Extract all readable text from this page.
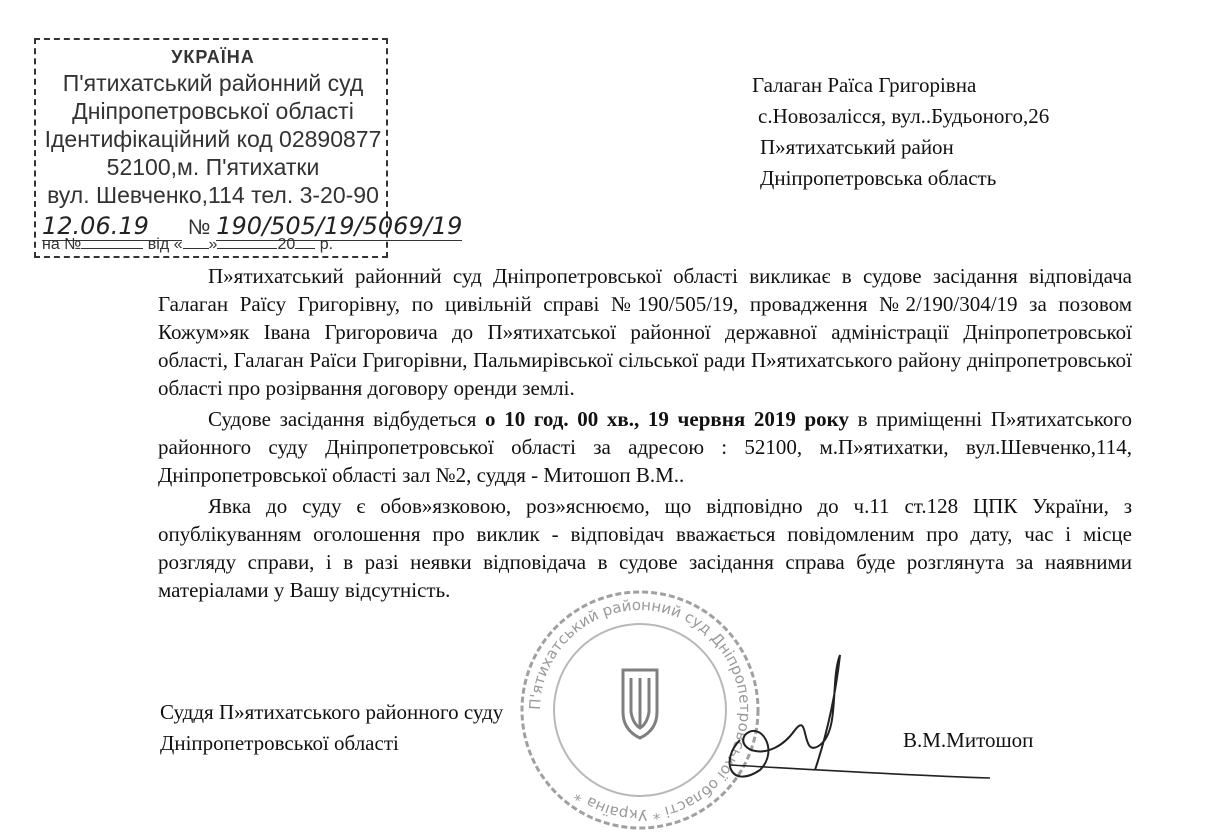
УКРАЇНА
П'ятихатський районний суд
Дніпропетровської області
Ідентифікаційний код 02890877
52100,м. П'ятихатки
вул. Шевченко,114 тел. 3-20-90
12.06.19 № 190/505/19/5069/19
на №	від « »	20 р.
Галаган Раїса Григорівна
с.Новозалісся, вул..Будьоного,26
П»ятихатський район
Дніпропетровська область

П»ятихатський районний суд Дніпропетровської області викликає в судове засідання відповідача Галаган Раїсу Григорівну, по цивільній справі №190/505/19, провадження №2/190/304/19 за позовом Кожум»як Івана Григоровича до П»ятихатської районної державної адміністрації Дніпропетровської області, Галаган Раїси Григорівни, Пальмирівської сільської ради П»ятихатського району дніпропетровської області про розірвання договору оренди землі.

Судове засідання відбудеться о 10 год. 00 хв., 19 червня 2019 року в приміщенні П»ятихатського районного суду Дніпропетровської області за адресою : 52100, м.П»ятихатки, вул.Шевченко,114, Дніпропетровської області зал №2, суддя - Митошоп В.М..

Явка до суду є обов»язковою, роз»яснюємо, що відповідно до ч.11 ст.128 ЦПК України, з опублікуванням оголошення про виклик - відповідач вважається повідомленим про дату, час і місце розгляду справи, і в разі неявки відповідача в судове засідання справа буде розглянута за наявними матеріалами у Вашу відсутність.

П'ятихатський районний суд Дніпропетровської області * Україна *
Суддя П»ятихатського районного суду
Дніпропетровської області	В.М.Митошоп
